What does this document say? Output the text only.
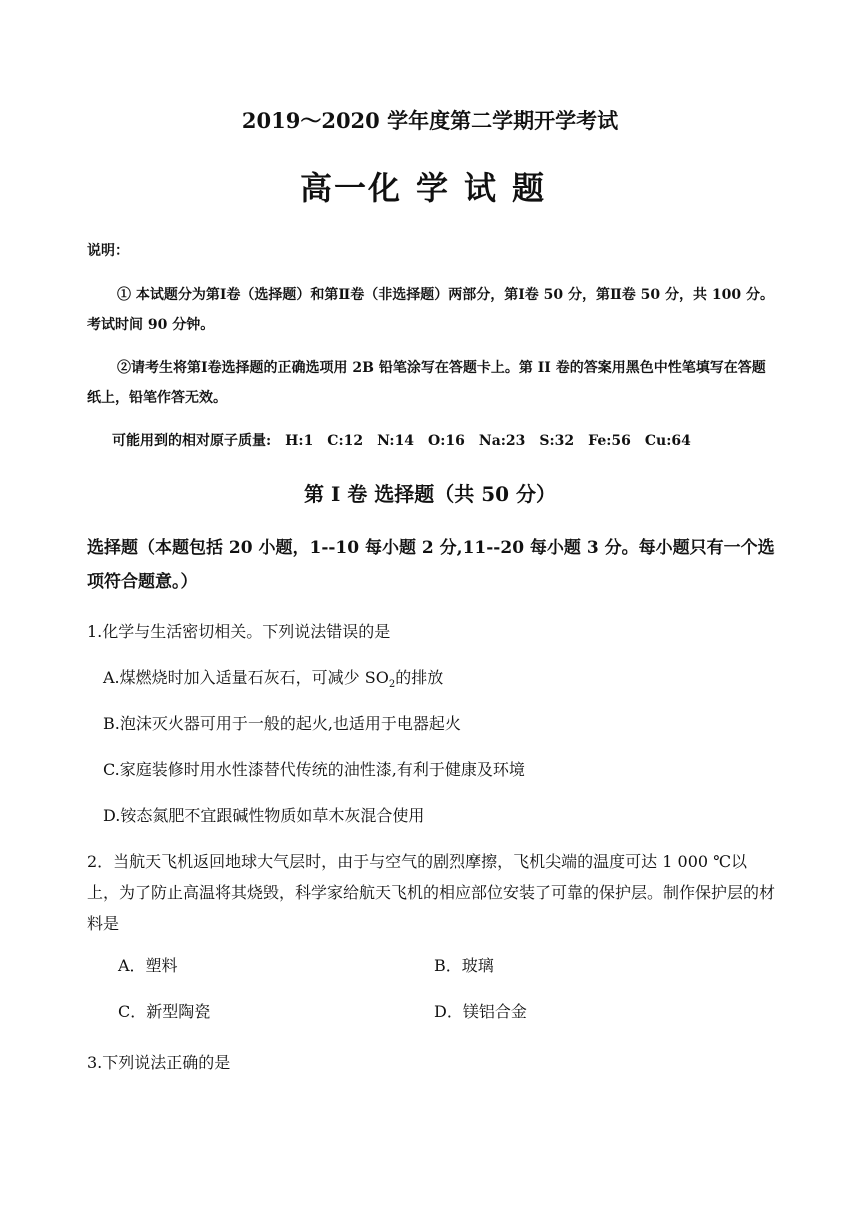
2019～2020 学年度第二学期开学考试
高一化 学 试 题
说明：
① 本试题分为第Ⅰ卷（选择题）和第Ⅱ卷（非选择题）两部分，第Ⅰ卷 50 分，第Ⅱ卷 50 分，共 100 分。考试时间 90 分钟。
②请考生将第Ⅰ卷选择题的正确选项用 2B 铅笔涂写在答题卡上。第 II 卷的答案用黑色中性笔填写在答题纸上，铅笔作答无效。
可能用到的相对原子质量:　H:1　C:12　N:14　O:16　Na:23　S:32　Fe:56　Cu:64
第 I 卷 选择题（共 50 分）
选择题（本题包括 20 小题，1--10 每小题 2 分,11--20 每小题 3 分。每小题只有一个选项符合题意。）
1.化学与生活密切相关。下列说法错误的是
A.煤燃烧时加入适量石灰石，可减少 $SO_2$的排放
B.泡沫灭火器可用于一般的起火,也适用于电器起火
C.家庭装修时用水性漆替代传统的油性漆,有利于健康及环境
D.铵态氮肥不宜跟碱性物质如草木灰混合使用
2．当航天飞机返回地球大气层时，由于与空气的剧烈摩擦，飞机尖端的温度可达 1 000 ℃以上，为了防止高温将其烧毁，科学家给航天飞机的相应部位安装了可靠的保护层。制作保护层的材料是
A．塑料	B．玻璃
C．新型陶瓷	D．镁铝合金
3.下列说法正确的是
